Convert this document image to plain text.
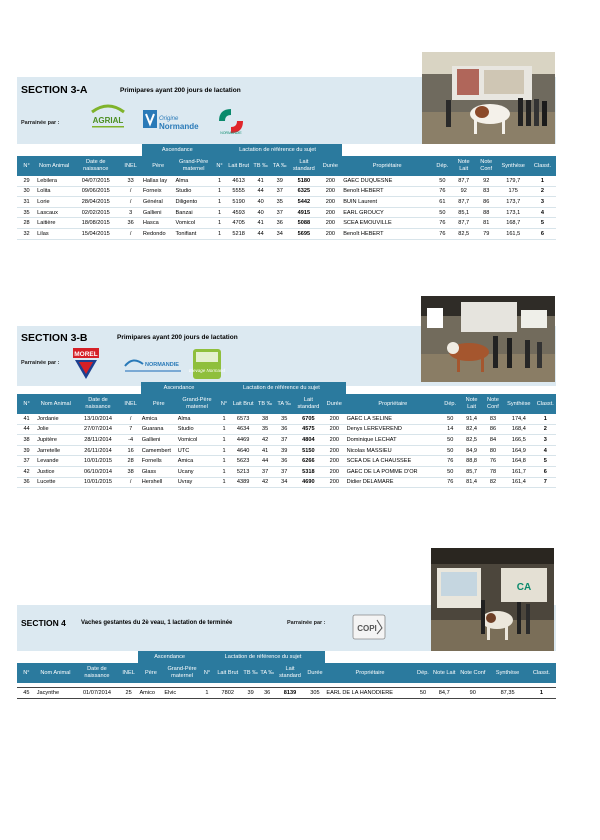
SECTION 3-A	Primipares ayant 200 jours de lactation
Parrainée par :	AGRIAL	Origine
Normande
NORMANDIE
				Ascendance		Lactation de référence du sujet											
N°	Nom Animal	Date de naissance	INEL	Père	Grand-Père maternel	N°	Lait Brut	TB ‰	TA ‰	Lait standard	Durée	Propriétaire	Dép.	Note Lait	Note Conf	Synthèse	Classt.
29	Lebilera	04/07/2015	33	Hallas lay	Alma	1	4613	41	39	5180	200	GAEC DUQUESNE	50	87,7	92	179,7	1
30	Lolita	09/06/2015	/	Forneix	Studio	1	5555	44	37	6325	200	Benoît HEBERT	76	92	83	175	2
31	Lorie	28/04/2015	/	Général	Diligento	1	5190	40	35	5442	200	BUIN Laurent	61	87,7	86	173,7	3
35	Lascaux	02/02/2015	3	Gallieni	Banzai	1	4593	40	37	4915	200	EARL GROUCY	50	85,1	88	173,1	4
28	Laitière	18/08/2015	36	Hasca	Vomicol	1	4705	41	36	5088	200	SCEA EMOUVILLE	76	87,7	81	168,7	5
32	Lilas	15/04/2015	/	Redondo	Tonifiant	1	5218	44	34	5695	200	Benoît HEBERT	76	82,5	79	161,5	6
SECTION 3-B	Primipares ayant 200 jours de lactation
Parrainée par :
MOREL
NORMANDIE
Elevage Normand
				Ascendance		Lactation de référence du sujet											
N°	Nom Animal	Date de naissance	INEL	Père	Grand-Père maternel	N°	Lait Brut	TB ‰	TA ‰	Lait standard	Durée	Propriétaire	Dép.	Note Lait	Note Conf	Synthèse	Classt.
41	Jordanie	13/10/2014	/	Amica	Alma	1	6573	38	35	6705	200	GAEC LA SELINE	50	91,4	83	174,4	1
44	Jolie	27/07/2014	7	Guarana	Studio	1	4634	35	36	4575	200	Denys LEREVEREND	14	82,4	86	168,4	2
38	Jupitère	28/11/2014	-4	Gallieni	Vomicol	1	4469	42	37	4804	200	Dominique LECHAT	50	82,5	84	166,5	3
39	Jarretelle	26/11/2014	16	Camembert	UTC	1	4640	41	39	5150	200	Nicolas MASSIEU	50	84,9	80	164,9	4
37	Levande	10/01/2015	28	Fornells	Amica	1	5623	44	36	6266	200	SCEA DE LA CHAUSSEE	76	88,8	76	164,8	5
42	Justice	06/10/2014	38	Glass	Ucany	1	5213	37	37	5318	200	GAEC DE LA POMME D'OR	50	85,7	78	161,7	6
36	Lucette	10/01/2015	/	Hershell	Uvray	1	4389	42	34	4690	200	Didier DELAMARE	76	81,4	82	161,4	7
SECTION 4	Vaches gestantes du 2è veau, 1 lactation de terminée	Parrainée par :
COPI
CA
				Ascendance		Lactation de référence du sujet											
N°	Nom Animal	Date de naissance	INEL	Père	Grand-Père maternel	N°	Lait Brut	TB ‰	TA ‰	Lait standard	Durée	Propriétaire	Dép.	Note Lait	Note Conf	Synthèse	Classt.

45	Jacynthe	01/07/2014	25	Amico	Elvic	1	7802	39	36	8139	305	EARL DE LA HANODIERE	50	84,7	90	87,35	1
